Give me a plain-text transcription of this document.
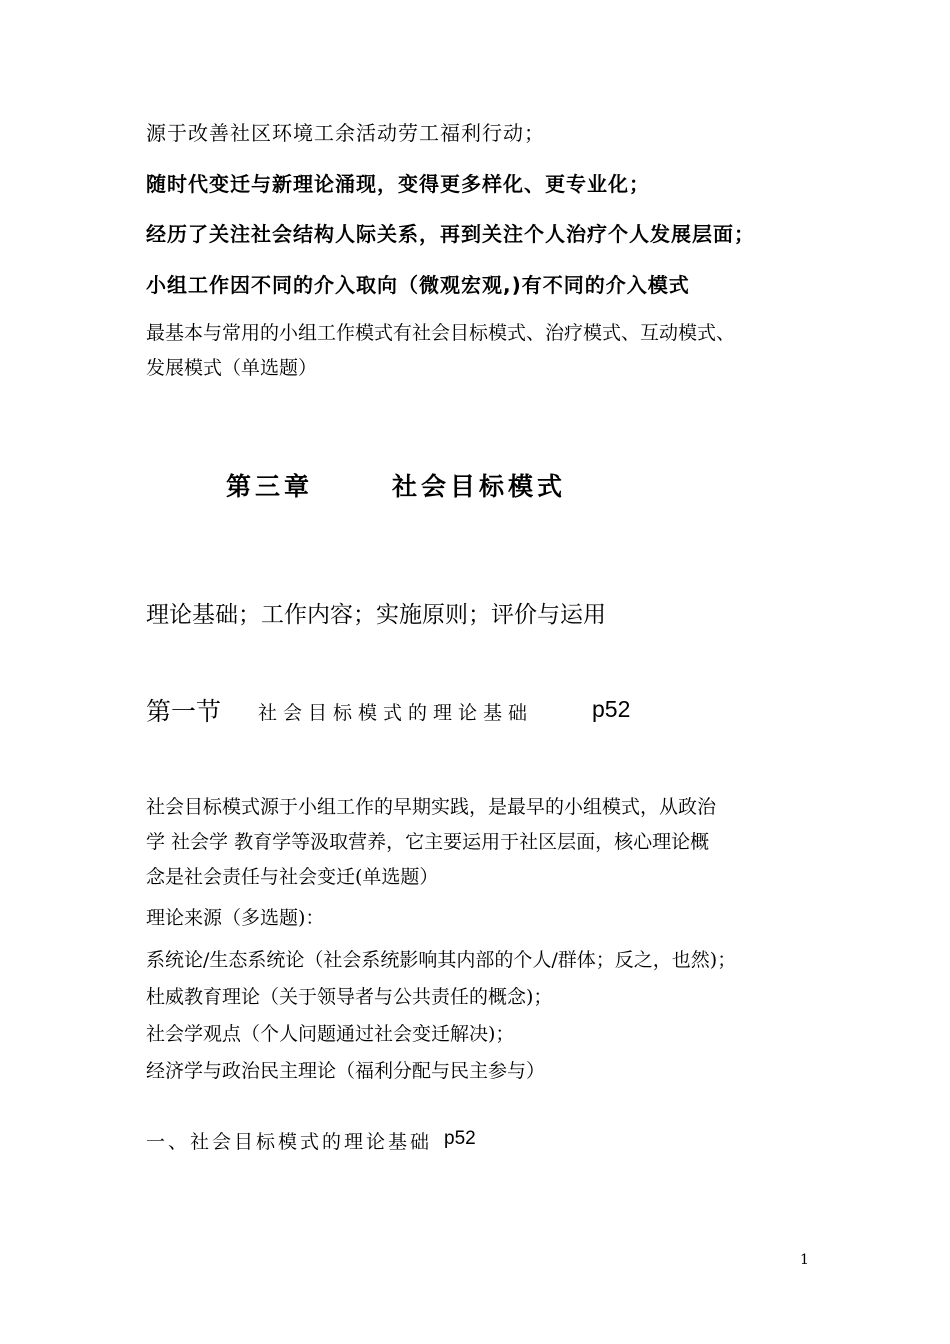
源于改善社区环境工余活动劳工福利行动；
随时代变迁与新理论涌现，变得更多样化、更专业化；
经历了关注社会结构人际关系，再到关注个人治疗个人发展层面；
小组工作因不同的介入取向（微观宏观,)有不同的介入模式
最基本与常用的小组工作模式有社会目标模式、治疗模式、互动模式、
发展模式（单选题）
第三章	社会目标模式
理论基础；工作内容；实施原则；评价与运用
第一节 社会目标模式的理论基础	p52
社会目标模式源于小组工作的早期实践，是最早的小组模式，从政治
学 社会学 教育学等汲取营养，它主要运用于社区层面，核心理论概
念是社会责任与社会变迁(单选题）
理论来源（多选题)：
系统论/生态系统论（社会系统影响其内部的个人/群体；反之，也然)；
杜威教育理论（关于领导者与公共责任的概念)；
社会学观点（个人问题通过社会变迁解决)；
经济学与政治民主理论（福利分配与民主参与）
一、社会目标模式的理论基础 p52
1
